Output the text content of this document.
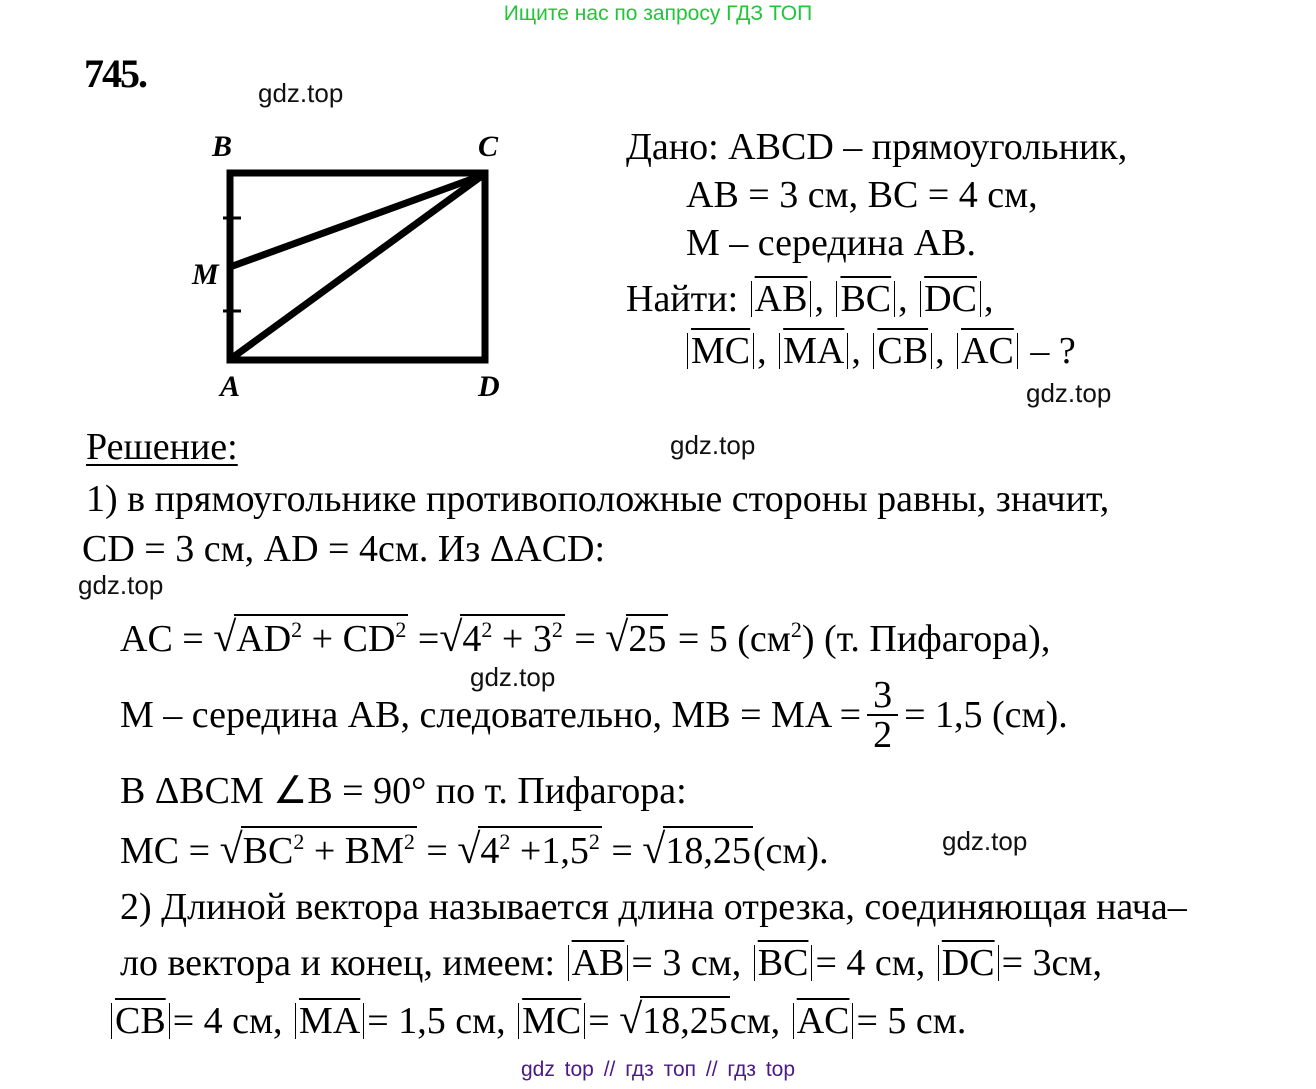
Ищите нас по запросу ГДЗ ТОП
745.	gdz.top
B	C
M
A	D
Дано: ABCD – прямоугольник,
AB = 3 см, BC = 4 см,
M – середина AB.
Найти: $\overline{AB}$ , $\overline{BC}$ , $\overline{DC}$ ,
$\overline{MC}$ , $\overline{MA}$ , $\overline{CB}$ , $\overline{AC}$ – ?
gdz.top
Решение:	gdz.top
1) в прямоугольнике противоположные стороны равны, значит,
CD = 3 см, AD = 4см. Из ΔACD:
gdz.top
AC = $√AD^2 + CD^2 =√4^2 + 3^2 = √25 = 5$ $(см^2)$ (т. Пифагора),
gdz.top
M – середина AB, следовательно, MB = MA = $\frac{3}{2} = 1,5$ (см).
В ΔBCM ∠B = 90° по т. Пифагора:
MC = $√BC^2 + BM^2 = √4^2 +1,5^2 = √18,25(см)$.	gdz.top
2) Длиной вектора называется длина отрезка, соединяющая нача–
ло вектора и конец, имеем: $\overline{AB} = 3$ см, $\overline{BC} = 4$ см, $\overline{DC} = 3см$,
$\overline{CB} = 4$ см, $\overline{MA} = 1,5$ см, $\overline{MC} = √18,25см$, $\overline{AC} = 5$ см.
gdz top // гдз топ // гдз top
